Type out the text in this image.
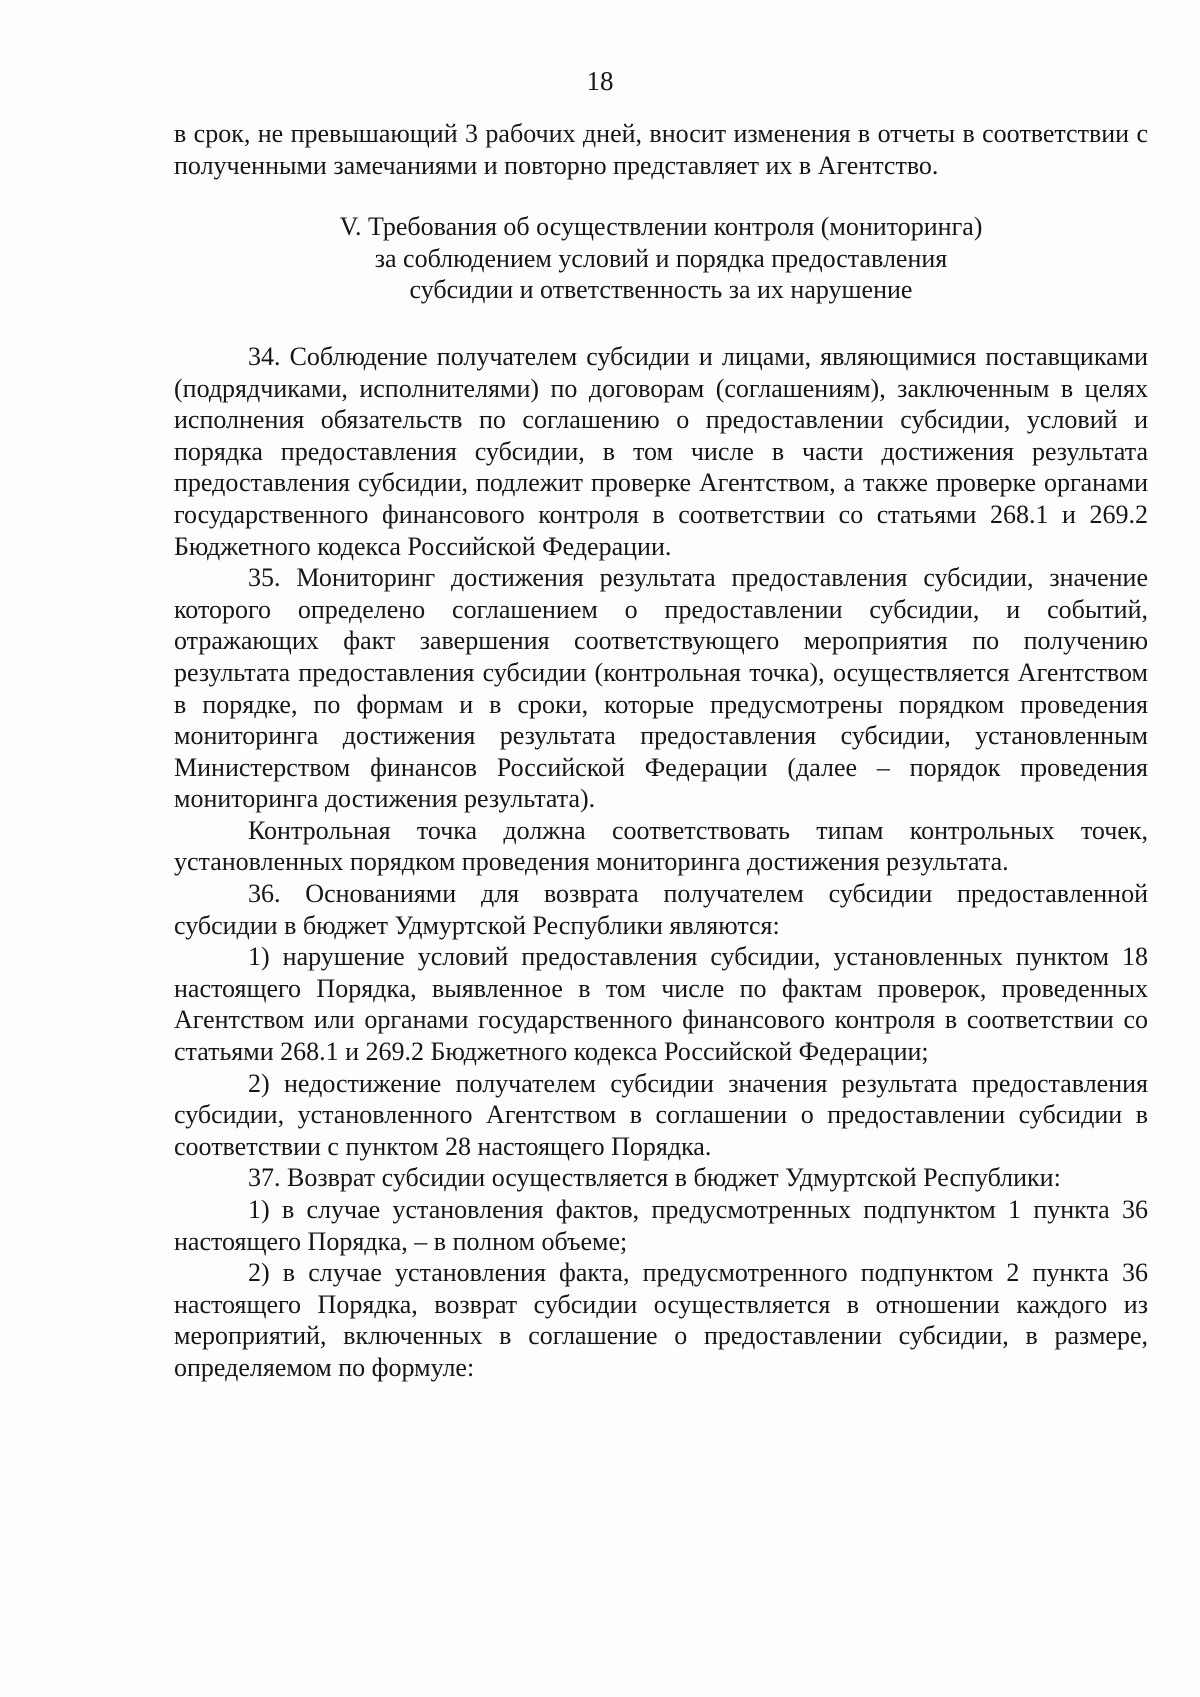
18

в срок, не превышающий 3 рабочих дней, вносит изменения в отчеты в соответствии с полученными замечаниями и повторно представляет их в Агентство.

V. Требования об осуществлении контроля (мониторинга)
за соблюдением условий и порядка предоставления
субсидии и ответственность за их нарушение

34. Соблюдение получателем субсидии и лицами, являющимися поставщиками (подрядчиками, исполнителями) по договорам (соглашениям), заключенным в целях исполнения обязательств по соглашению о предоставлении субсидии, условий и порядка предоставления субсидии, в том числе в части достижения результата предоставления субсидии, подлежит проверке Агентством, а также проверке органами государственного финансового контроля в соответствии со статьями 268.1 и 269.2 Бюджетного кодекса Российской Федерации.

35. Мониторинг достижения результата предоставления субсидии, значение которого определено соглашением о предоставлении субсидии, и событий, отражающих факт завершения соответствующего мероприятия по получению результата предоставления субсидии (контрольная точка), осуществляется Агентством в порядке, по формам и в сроки, которые предусмотрены порядком проведения мониторинга достижения результата предоставления субсидии, установленным Министерством финансов Российской Федерации (далее – порядок проведения мониторинга достижения результата).

Контрольная точка должна соответствовать типам контрольных точек, установленных порядком проведения мониторинга достижения результата.

36. Основаниями для возврата получателем субсидии предоставленной субсидии в бюджет Удмуртской Республики являются:

1) нарушение условий предоставления субсидии, установленных пунктом 18 настоящего Порядка, выявленное в том числе по фактам проверок, проведенных Агентством или органами государственного финансового контроля в соответствии со статьями 268.1 и 269.2 Бюджетного кодекса Российской Федерации;

2) недостижение получателем субсидии значения результата предоставления субсидии, установленного Агентством в соглашении о предоставлении субсидии в соответствии с пунктом 28 настоящего Порядка.

37. Возврат субсидии осуществляется в бюджет Удмуртской Республики:

1) в случае установления фактов, предусмотренных подпунктом 1 пункта 36 настоящего Порядка, – в полном объеме;

2) в случае установления факта, предусмотренного подпунктом 2 пункта 36 настоящего Порядка, возврат субсидии осуществляется в отношении каждого из мероприятий, включенных в соглашение о предоставлении субсидии, в размере, определяемом по формуле:
